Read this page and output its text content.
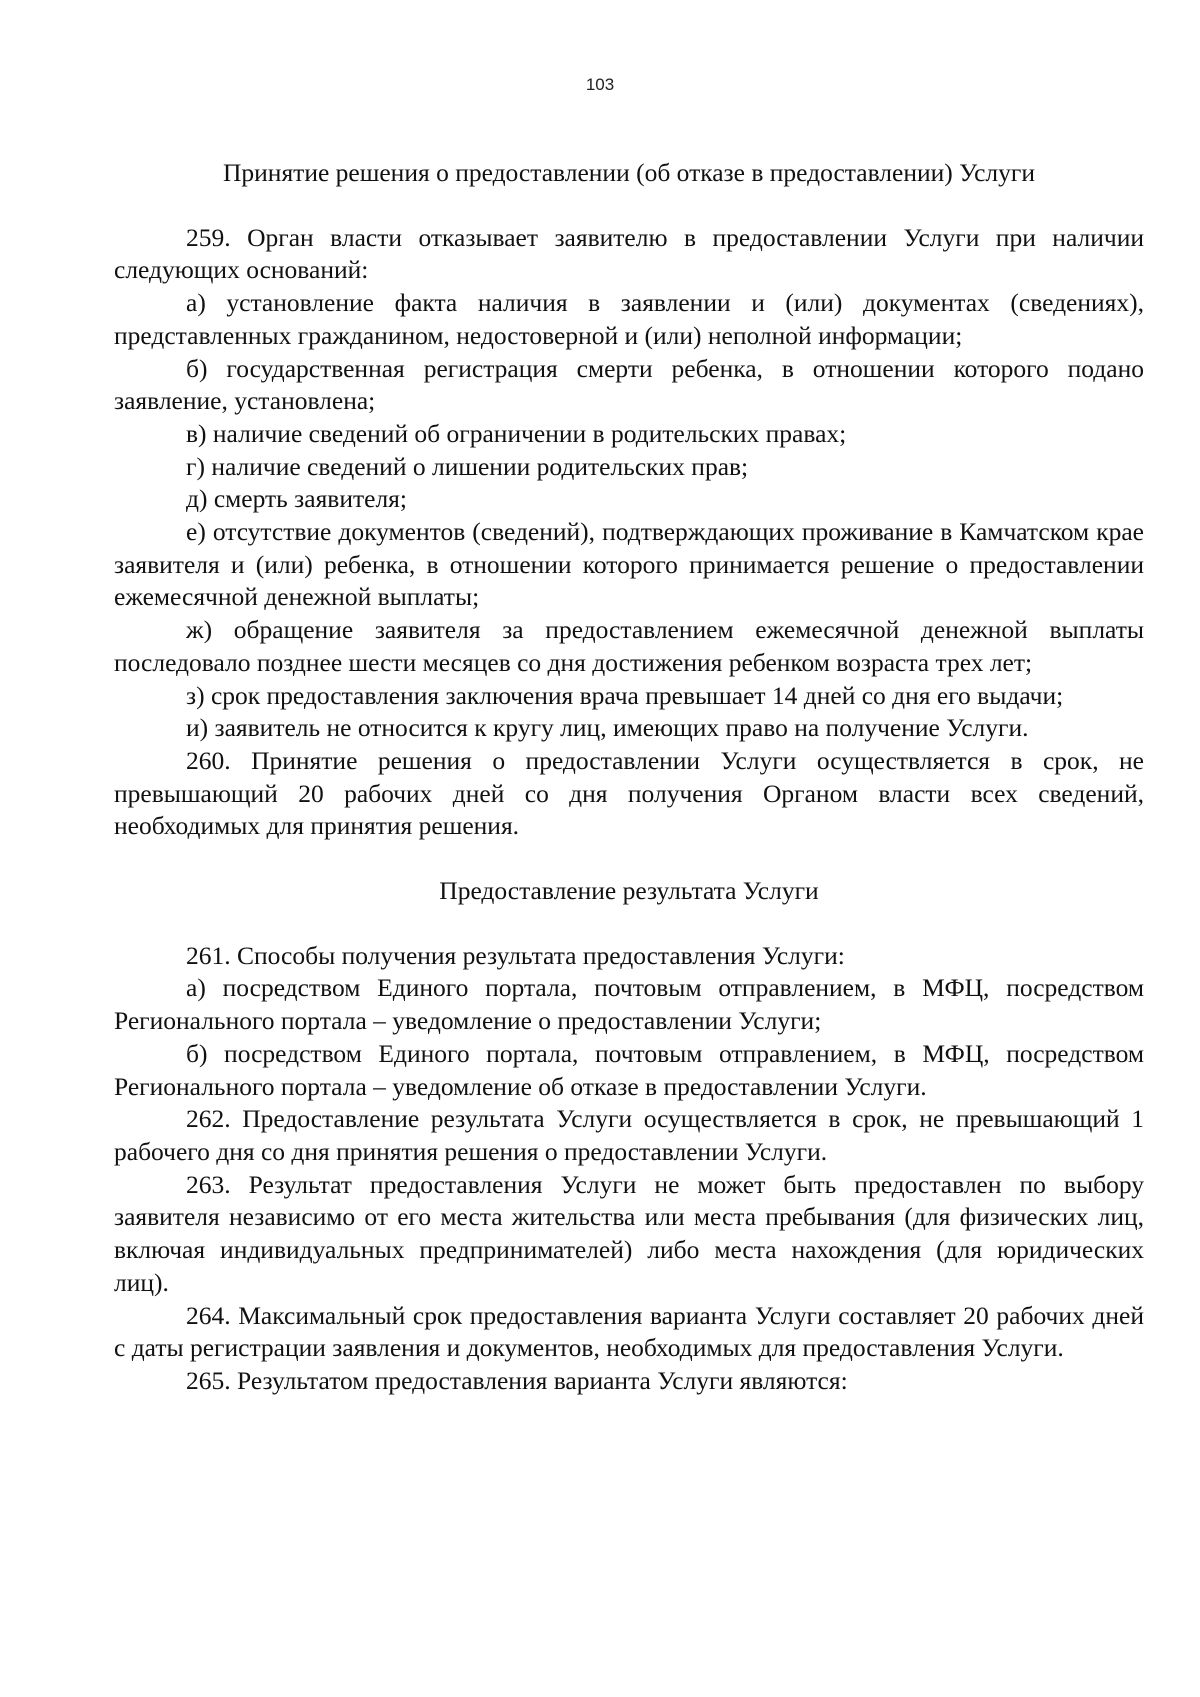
103
Принятие решения о предоставлении (об отказе в предоставлении) Услуги

259. Орган власти отказывает заявителю в предоставлении Услуги при наличии следующих оснований:

а) установление факта наличия в заявлении и (или) документах (сведениях), представленных гражданином, недостоверной и (или) неполной информации;

б) государственная регистрация смерти ребенка, в отношении которого подано заявление, установлена;

в) наличие сведений об ограничении в родительских правах;

г) наличие сведений о лишении родительских прав;

д) смерть заявителя;

е) отсутствие документов (сведений), подтверждающих проживание в Камчатском крае заявителя и (или) ребенка, в отношении которого принимается решение о предоставлении ежемесячной денежной выплаты;

ж) обращение заявителя за предоставлением ежемесячной денежной выплаты последовало позднее шести месяцев со дня достижения ребенком возраста трех лет;

з) срок предоставления заключения врача превышает 14 дней со дня его выдачи;

и) заявитель не относится к кругу лиц, имеющих право на получение Услуги.

260. Принятие решения о предоставлении Услуги осуществляется в срок, не превышающий 20 рабочих дней со дня получения Органом власти всех сведений, необходимых для принятия решения.

Предоставление результата Услуги

261. Способы получения результата предоставления Услуги:

а) посредством Единого портала, почтовым отправлением, в МФЦ, посредством Регионального портала – уведомление о предоставлении Услуги;

б) посредством Единого портала, почтовым отправлением, в МФЦ, посредством Регионального портала – уведомление об отказе в предоставлении Услуги.

262. Предоставление результата Услуги осуществляется в срок, не превышающий 1 рабочего дня со дня принятия решения о предоставлении Услуги.

263. Результат предоставления Услуги не может быть предоставлен по выбору заявителя независимо от его места жительства или места пребывания (для физических лиц, включая индивидуальных предпринимателей) либо места нахождения (для юридических лиц).

264. Максимальный срок предоставления варианта Услуги составляет 20 рабочих дней с даты регистрации заявления и документов, необходимых для предоставления Услуги.

265. Результатом предоставления варианта Услуги являются:
